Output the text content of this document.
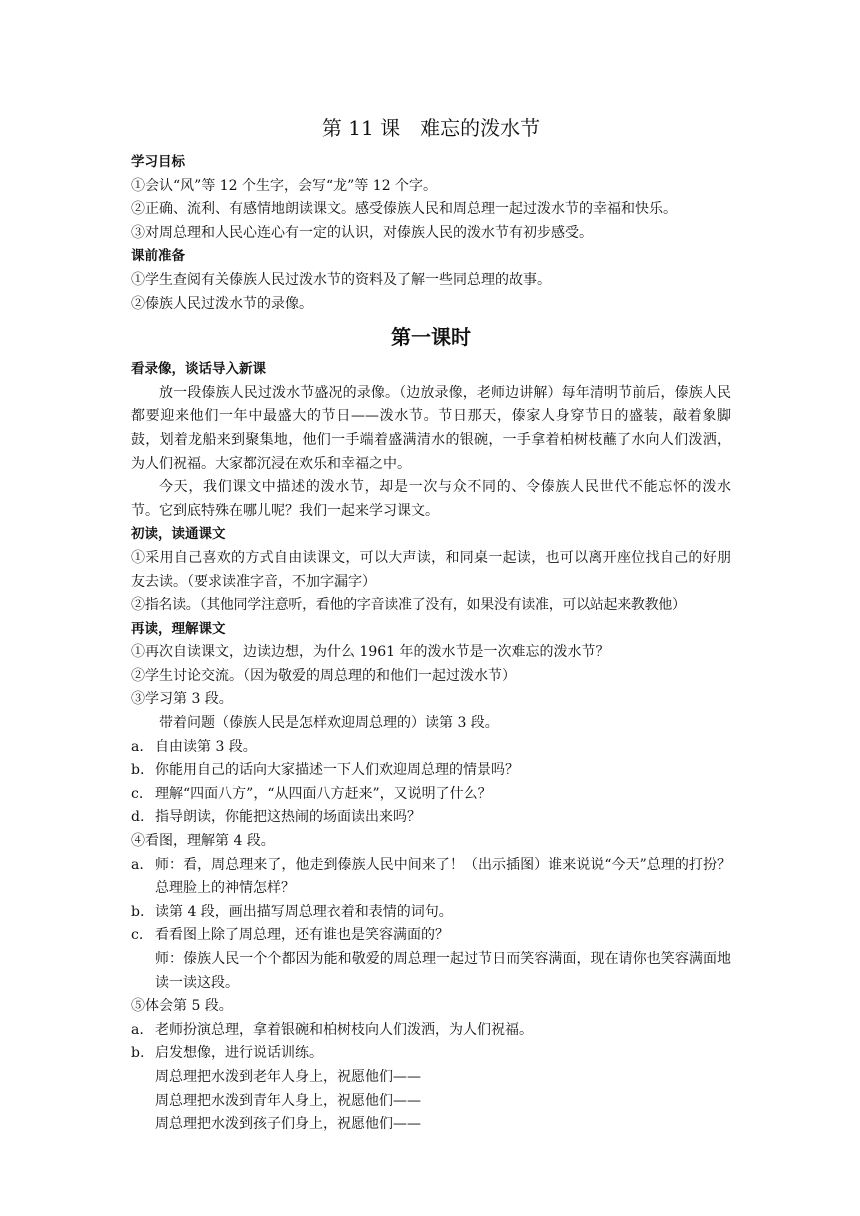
第 11 课　难忘的泼水节
学习目标

①会认“风”等 12 个生字，会写“龙”等 12 个字。

②正确、流利、有感情地朗读课文。感受傣族人民和周总理一起过泼水节的幸福和快乐。

③对周总理和人民心连心有一定的认识，对傣族人民的泼水节有初步感受。

课前准备

①学生查阅有关傣族人民过泼水节的资料及了解一些同总理的故事。

②傣族人民过泼水节的录像。

第一课时
看录像，谈话导入新课

放一段傣族人民过泼水节盛况的录像。（边放录像，老师边讲解）每年清明节前后，傣族人民都要迎来他们一年中最盛大的节日——泼水节。节日那天，傣家人身穿节日的盛装，敲着象脚鼓，划着龙船来到聚集地，他们一手端着盛满清水的银碗，一手拿着柏树枝蘸了水向人们泼洒，为人们祝福。大家都沉浸在欢乐和幸福之中。

今天，我们课文中描述的泼水节，却是一次与众不同的、令傣族人民世代不能忘怀的泼水节。它到底特殊在哪儿呢？我们一起来学习课文。

初读，读通课文

①采用自己喜欢的方式自由读课文，可以大声读，和同桌一起读，也可以离开座位找自己的好朋友去读。（要求读准字音，不加字漏字）

②指名读。（其他同学注意听，看他的字音读准了没有，如果没有读准，可以站起来教教他）

再读，理解课文

①再次自读课文，边读边想，为什么 1961 年的泼水节是一次难忘的泼水节？

②学生讨论交流。（因为敬爱的周总理的和他们一起过泼水节）

③学习第 3 段。

带着问题（傣族人民是怎样欢迎周总理的）读第 3 段。

a. 自由读第 3 段。
b. 你能用自己的话向大家描述一下人们欢迎周总理的情景吗？
c. 理解“四面八方”，“从四面八方赶来”，又说明了什么？
d. 指导朗读，你能把这热闹的场面读出来吗？

④看图，理解第 4 段。

a. 师：看，周总理来了，他走到傣族人民中间来了！（出示插图）谁来说说“今天”总理的打扮？总理脸上的神情怎样？
b. 读第 4 段，画出描写周总理衣着和表情的词句。
c. 看看图上除了周总理，还有谁也是笑容满面的？

师：傣族人民一个个都因为能和敬爱的周总理一起过节日而笑容满面，现在请你也笑容满面地读一读这段。

⑤体会第 5 段。

a. 老师扮演总理，拿着银碗和柏树枝向人们泼洒，为人们祝福。
b. 启发想像，进行说话训练。

周总理把水泼到老年人身上，祝愿他们——

周总理把水泼到青年人身上，祝愿他们——

周总理把水泼到孩子们身上，祝愿他们——
